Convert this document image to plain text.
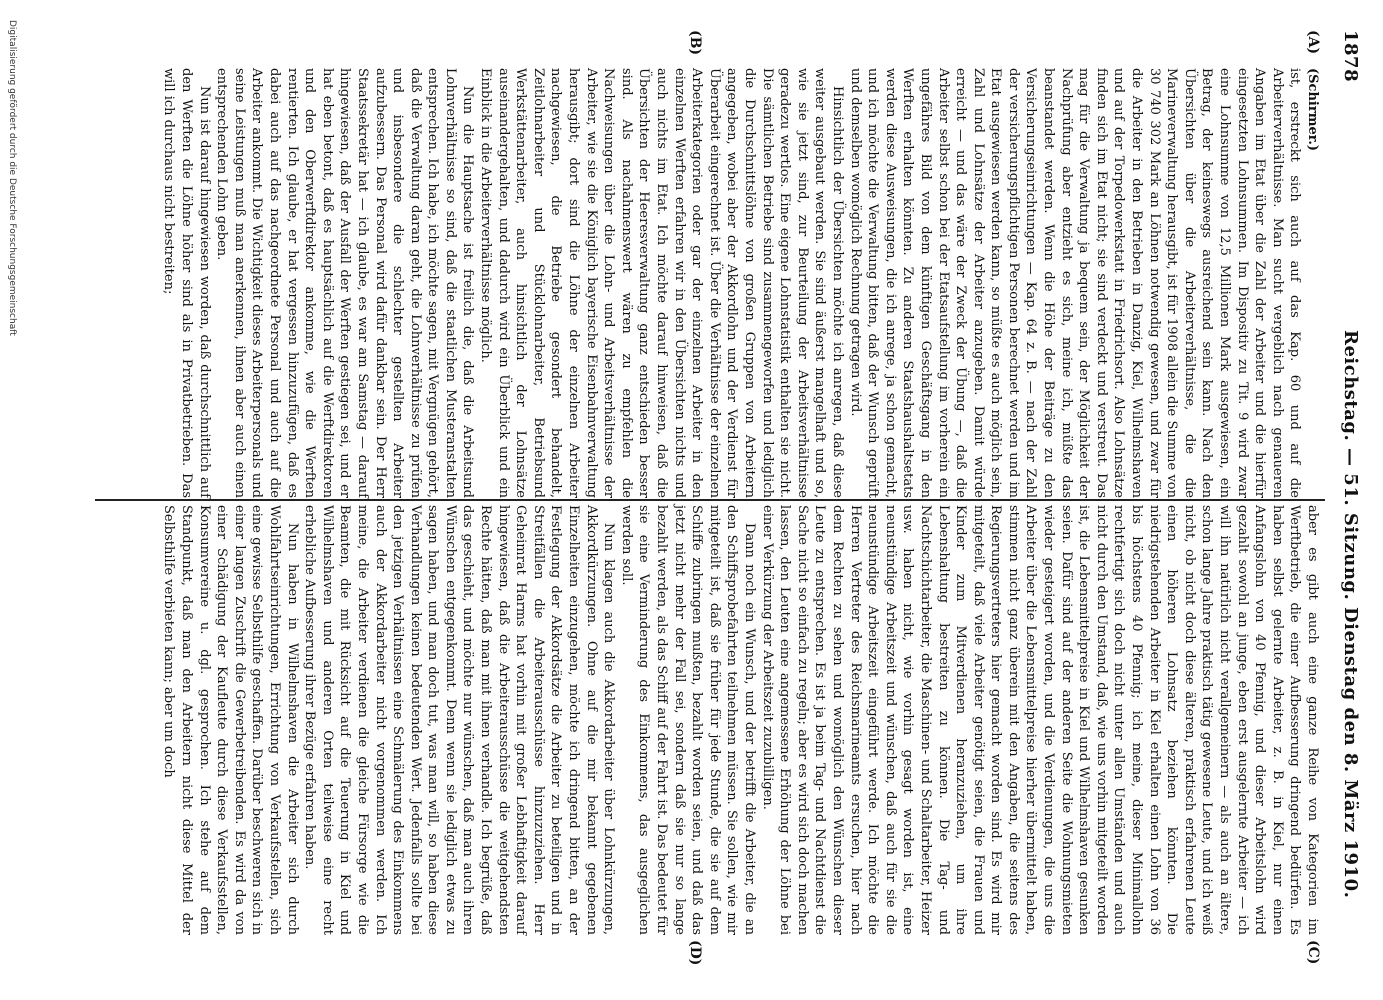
1878
Reichstag. — 51. Sitzung. Dienstag den 8. März 1910.
(A)
(B)
(C)
(D)

(Schirmer.)

ist, erstreckt sich auch auf das Kap. 60 und auf die Arbeiterverhältnisse. Man sucht vergeblich nach genaueren Angaben im Etat über die Zahl der Arbeiter und die hierfür eingesetzten Lohnsummen. Im Dispositiv zu Tit. 9 wird zwar eine Lohnsumme von 12,5 Millionen Mark ausgewiesen, ein Betrag, der keineswegs ausreichend sein kann. Nach den Übersichten über die Arbeiterverhältnisse, die die Marineverwaltung herausgibt, ist für 1908 allein die Summe von 30 740 302 Mark an Löhnen notwendig gewesen, und zwar für die Arbeiter in den Betrieben in Danzig, Kiel, Wilhelmshaven und auf der Torpedowerkstatt in Friedrichsort. Also Lohnsätze finden sich im Etat nicht; sie sind verdeckt und verstreut. Das mag für die Verwaltung ja bequem sein, der Möglichkeit der Nachprüfung aber entzieht es sich, meine ich, müßte das beanstandet werden. Wenn die Höhe der Beiträge zu den Versicherungseinrichtungen — Kap. 64 z. B. — nach der Zahl der versicherungspflichtigen Personen berechnet werden und im Etat ausgewiesen werden kann, so müßte es auch möglich sein, Zahl und Lohnsätze der Arbeiter anzugeben. Damit würde erreicht — und das wäre der Zweck der Übung —, daß die Arbeiter selbst schon bei der Etatsaufstellung im vorherein ein ungefähres Bild von dem künftigen Geschäftsgang in den Werften erhalten könnten. Zu anderen Staatshaushaltsetats werden diese Ausweisungen, die ich anrege, ja schon gemacht, und ich möchte die Verwaltung bitten, daß der Wunsch geprüft und demselben womöglich Rechnung getragen wird.

Hinsichtlich der Übersichten möchte ich anregen, daß diese weiter ausgebaut werden. Sie sind äußerst mangelhaft und so, wie sie jetzt sind, zur Beurteilung der Arbeitsverhältnisse geradezu wertlos. Eine eigene Lohnstatistik enthalten sie nicht. Die sämtlichen Betriebe sind zusammengeworfen und lediglich die Durchschnittslöhne von großen Gruppen von Arbeitern angegeben, wobei aber der Akkordlohn und der Verdienst für Überarbeit eingerechnet ist. Über die Verhältnisse der einzelnen Arbeiterkategorien oder gar der einzelnen Arbeiter in den einzelnen Werften erfahren wir in den Übersichten nichts und auch nichts im Etat. Ich möchte darauf hinweisen, daß die Übersichten der Heeresverwaltung ganz entschieden besser sind. Als nachahmenswert wären zu empfehlen die Nachweisungen über die Lohn- und Arbeitsverhältnisse der Arbeiter, wie sie die Königlich bayerische Eisenbahnverwaltung herausgibt; dort sind die Löhne der einzelnen Arbeiter nachgewiesen, die Betriebe gesondert behandelt, Zeitlohnarbeiter und Stücklohnarbeiter, Betriebsund Werkstättenarbeiter, auch hinsichtlich der Lohnsätze auseinandergehalten, und dadurch wird ein Überblick und ein Einblick in die Arbeiterverhältnisse möglich.

Nun die Hauptsache ist freilich die, daß die Arbeitsund Lohnverhältnisse so sind, daß die staatlichen Musteranstalten entsprechen. Ich habe, ich möchte sagen, mit Vergnügen gehört, daß die Verwaltung daran geht, die Lohnverhältnisse zu prüfen und insbesondere die schlechter gestellten Arbeiter aufzubessern. Das Personal wird dafür dankbar sein. Der Herr Staatssekretär hat — ich glaube, es war am Samstag — darauf hingewiesen, daß der Ausfall der Werften gestiegen sei, und er hat eben betont, daß es hauptsächlich auf die Werftdirektoren und den Oberwerftdirektor ankomme, wie die Werften rentierten. Ich glaube, er hat vergessen hinzuzufügen, daß es dabei auch auf das nachgeordnete Personal und auch auf die Arbeiter ankommt. Die Wichtigkeit dieses Arbeiterpersonals und seine Leistungen muß man anerkennen, ihnen aber auch einen entsprechenden Lohn geben.

Nun ist darauf hingewiesen worden, daß durchschnittlich auf den Werften die Löhne höher sind als in Privatbetrieben. Das will ich durchaus nicht bestreiten;

aber es gibt auch eine ganze Reihe von Kategorien im Werftbetrieb, die einer Aufbesserung dringend bedürfen. Es haben selbst gelernte Arbeiter, z. B. in Kiel, nur einen Anfangslohn von 40 Pfennig, und dieser Arbeitslohn wird gezahlt sowohl an junge, eben erst ausgelernte Arbeiter — ich will ihn natürlich nicht verallgemeinern — als auch an ältere, schon lange Jahre praktisch tätig gewesene Leute, und ich weiß nicht, ob nicht doch diese älteren, praktisch erfahrenen Leute einen höheren Lohnsatz beziehen könnten. Die niedrigstehenden Arbeiter in Kiel erhalten einen Lohn von 36 bis höchstens 40 Pfennig; ich meine, dieser Minimallohn rechtfertigt sich doch nicht unter allen Umständen und auch nicht durch den Umstand, daß, wie uns vorhin mitgeteilt worden ist, die Lebensmittelpreise in Kiel und Wilhelmshaven gesunken seien. Dafür sind auf der anderen Seite die Wohnungsmieten wieder gesteigert worden, und die Verdienungen, die uns die Arbeiter über die Lebensmittelpreise hierher übermittelt haben, stimmen nicht ganz überein mit den Angaben, die seitens des Regierungsvertreters hier gemacht worden sind. Es wird mir mitgeteilt, daß viele Arbeiter genötigt seien, die Frauen und Kinder zum Mitverdienen heranzuziehen, um ihre Lebenshaltung bestreiten zu können. Die Tag- und Nachtschichtarbeiter, die Maschinen- und Schaltarbeiter, Heizer usw. haben nicht, wie vorhin gesagt worden ist, eine neunstündige Arbeitszeit und wünschen, daß auch für sie die neunstündige Arbeitszeit eingeführt werde. Ich möchte die Herren Vertreter des Reichsmarineamts ersuchen, hier nach dem Rechten zu sehen und womöglich den Wünschen dieser Leute zu entsprechen. Es ist ja beim Tag- und Nachtdienst die Sache nicht so einfach zu regeln; aber es wird sich doch machen lassen, den Leuten eine angemessene Erhöhung der Löhne bei einer Verkürzung der Arbeitszeit zuzubilligen.

Dann noch ein Wunsch, und der betrifft die Arbeiter, die an den Schiffsprobefahrten teilnehmen müssen. Sie sollen, wie mir mitgeteilt ist, daß sie früher für jede Stunde, die sie auf dem Schiffe zubringen mußten, bezahlt worden seien, und daß das jetzt nicht mehr der Fall sei, sondern daß sie nur so lange bezahlt werden, als das Schiff auf der Fahrt ist. Das bedeutet für sie eine Verminderung des Einkommens, das ausgeglichen werden soll.

Nun klagen auch die Akkordarbeiter über Lohnkürzungen, Akkordkürzungen. Ohne auf die mir bekannt gegebenen Einzelheiten einzugehen, möchte ich dringend bitten, an der Festlegung der Akkordsätze die Arbeiter zu beteiligen und in Streitfällen die Arbeiterausschüsse hinzuzuziehen. Herr Geheimrat Harms hat vorhin mit großer Lebhaftigkeit darauf hingewiesen, daß die Arbeiterausschüsse die weitgehendsten Rechte hätten, daß man mit ihnen verhandle. Ich begrüße, daß das geschieht, und möchte nur wünschen, daß man auch ihren Wünschen entgegenkommt. Denn wenn sie lediglich etwas zu sagen haben, und man doch tut, was man will, so haben diese Verhandlungen keinen bedeutenden Wert. Jedenfalls sollte bei den jetzigen Verhältnissen eine Schmälerung des Einkommens auch der Akkordarbeiter nicht vorgenommen werden. Ich meine, die Arbeiter verdienen die gleiche Fürsorge wie die Beamten, die mit Rücksicht auf die Teuerung in Kiel und Wilhelmshaven und anderen Orten teilweise eine recht erhebliche Aufbesserung ihrer Bezüge erfahren haben.

Nun haben in Wilhelmshaven die Arbeiter sich durch Wohlfahrtseinrichtungen, Errichtung von Verkaufsstellen, sich eine gewisse Selbsthilfe geschaffen. Darüber beschweren sich in einer langen Zuschrift die Gewerbetreibenden. Es wird da von einer Schädigung der Kaufleute durch diese Verkaufsstellen, Konsumvereine u. dgl. gesprochen. Ich stehe auf dem Standpunkt, daß man den Arbeitern nicht diese Mittel der Selbsthilfe verbieten kann; aber um doch

Digitalisierung gefördert durch die Deutsche Forschungsgemeinschaft
